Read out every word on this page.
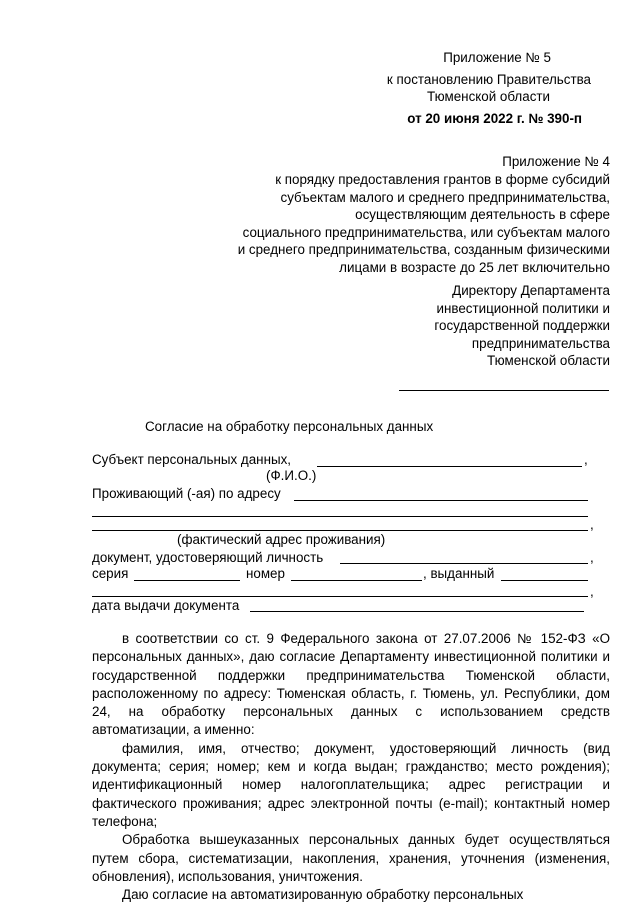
Приложение № 5
к постановлению Правительства
Тюменской области
от 20 июня 2022 г. № 390-п
Приложение № 4
к порядку предоставления грантов в форме субсидий
субъектам малого и среднего предпринимательства,
осуществляющим деятельность в сфере
социального предпринимательства, или субъектам малого
и среднего предпринимательства, созданным физическими
лицами в возрасте до 25 лет включительно
Директору Департамента
инвестиционной политики и
государственной поддержки
предпринимательства
Тюменской области
Согласие на обработку персональных данных
Субъект персональных данных,	,
(Ф.И.О.)
Проживающий (-ая) по адресу
,
(фактический адрес проживания)
документ, удостоверяющий личность	,
серия	номер	, выданный
,
дата выдачи документа

в соответствии со ст. 9 Федерального закона от 27.07.2006 № 152-ФЗ «О персональных данных», даю согласие Департаменту инвестиционной политики и государственной поддержки предпринимательства Тюменской области, расположенному по адресу: Тюменская область, г. Тюмень, ул. Республики, дом 24, на обработку персональных данных с использованием средств автоматизации, а именно:

фамилия, имя, отчество; документ, удостоверяющий личность (вид документа; серия; номер; кем и когда выдан; гражданство; место рождения); идентификационный номер налогоплательщика; адрес регистрации и фактического проживания; адрес электронной почты (e-mail); контактный номер телефона;

Обработка вышеуказанных персональных данных будет осуществляться путем сбора, систематизации, накопления, хранения, уточнения (изменения, обновления), использования, уничтожения.

Даю согласие на автоматизированную обработку персональных
